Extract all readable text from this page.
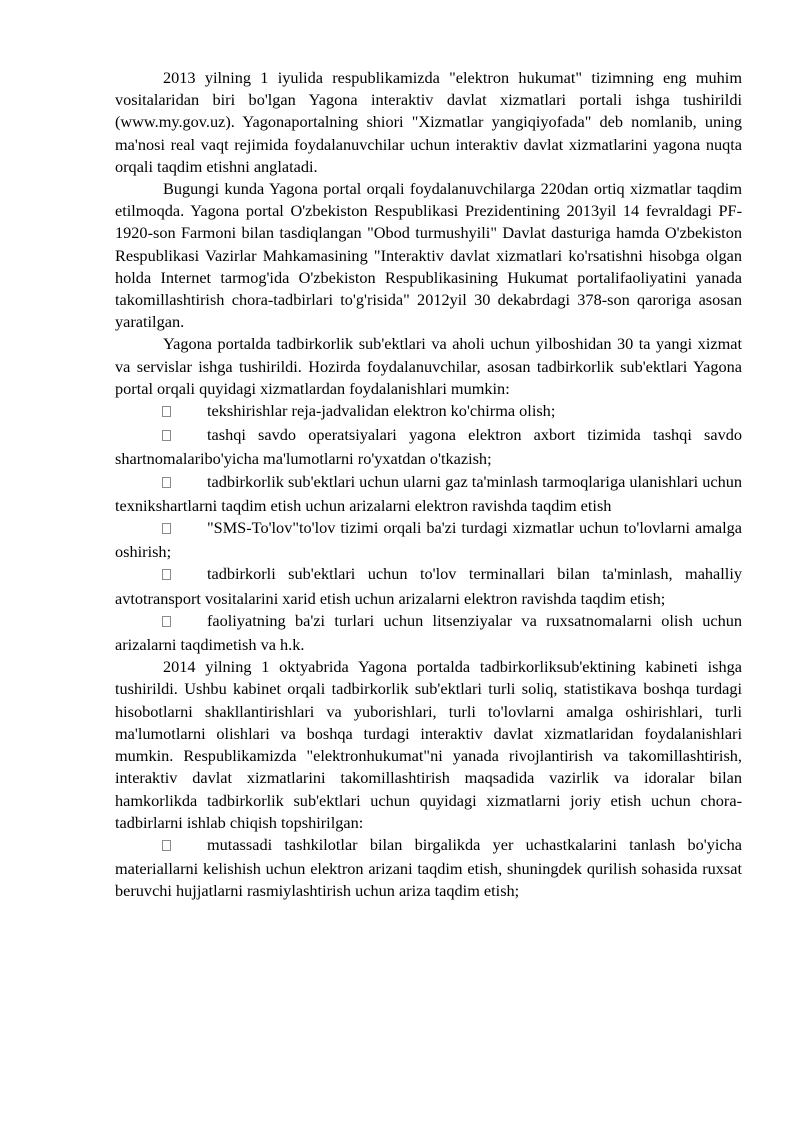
2013 yilning 1 iyulida respublikamizda "elektron hukumat" tizimning eng muhim vositalaridan biri bo'lgan Yagona interaktiv davlat xizmatlari portali ishga tushirildi (www.my.gov.uz). Yagonaportalning shiori "Xizmatlar yangiqiyofada" deb nomlanib, uning ma'nosi real vaqt rejimida foydalanuvchilar uchun interaktiv davlat xizmatlarini yagona nuqta orqali taqdim etishni anglatadi.

Bugungi kunda Yagona portal orqali foydalanuvchilarga 220dan ortiq xizmatlar taqdim etilmoqda. Yagona portal O'zbekiston Respublikasi Prezidentining 2013yil 14 fevraldagi PF-1920-son Farmoni bilan tasdiqlangan "Obod turmushyili" Davlat dasturiga hamda O'zbekiston Respublikasi Vazirlar Mahkamasining "Interaktiv davlat xizmatlari ko'rsatishni hisobga olgan holda Internet tarmog'ida O'zbekiston Respublikasining Hukumat portalifaoliyatini yanada takomillashtirish chora-tadbirlari to'g'risida" 2012yil 30 dekabrdagi 378-son qaroriga asosan yaratilgan.

Yagona portalda tadbirkorlik sub'ektlari va aholi uchun yilboshidan 30 ta yangi xizmat va servislar ishga tushirildi. Hozirda foydalanuvchilar, asosan tadbirkorlik sub'ektlari Yagona portal orqali quyidagi xizmatlardan foydalanishlari mumkin:

tekshirishlar reja-jadvalidan elektron ko'chirma olish;

tashqi savdo operatsiyalari yagona elektron axbort tizimida tashqi savdo shartnomalaribo'yicha ma'lumotlarni ro'yxatdan o'tkazish;

tadbirkorlik sub'ektlari uchun ularni gaz ta'minlash tarmoqlariga ulanishlari uchun texnikshartlarni taqdim etish uchun arizalarni elektron ravishda taqdim etish

"SMS-To'lov"to'lov tizimi orqali ba'zi turdagi xizmatlar uchun to'lovlarni amalga oshirish;

tadbirkorli sub'ektlari uchun to'lov terminallari bilan ta'minlash, mahalliy avtotransport vositalarini xarid etish uchun arizalarni elektron ravishda taqdim etish;

faoliyatning ba'zi turlari uchun litsenziyalar va ruxsatnomalarni olish uchun arizalarni taqdimetish va h.k.

2014 yilning 1 oktyabrida Yagona portalda tadbirkorliksub'ektining kabineti ishga tushirildi. Ushbu kabinet orqali tadbirkorlik sub'ektlari turli soliq, statistikava boshqa turdagi hisobotlarni shakllantirishlari va yuborishlari, turli to'lovlarni amalga oshirishlari, turli ma'lumotlarni olishlari va boshqa turdagi interaktiv davlat xizmatlaridan foydalanishlari mumkin. Respublikamizda "elektronhukumat"ni yanada rivojlantirish va takomillashtirish, interaktiv davlat xizmatlarini takomillashtirish maqsadida vazirlik va idoralar bilan hamkorlikda tadbirkorlik sub'ektlari uchun quyidagi xizmatlarni joriy etish uchun chora-tadbirlarni ishlab chiqish topshirilgan:

mutassadi tashkilotlar bilan birgalikda yer uchastkalarini tanlash bo'yicha materiallarni kelishish uchun elektron arizani taqdim etish, shuningdek qurilish sohasida ruxsat beruvchi hujjatlarni rasmiylashtirish uchun ariza taqdim etish;
